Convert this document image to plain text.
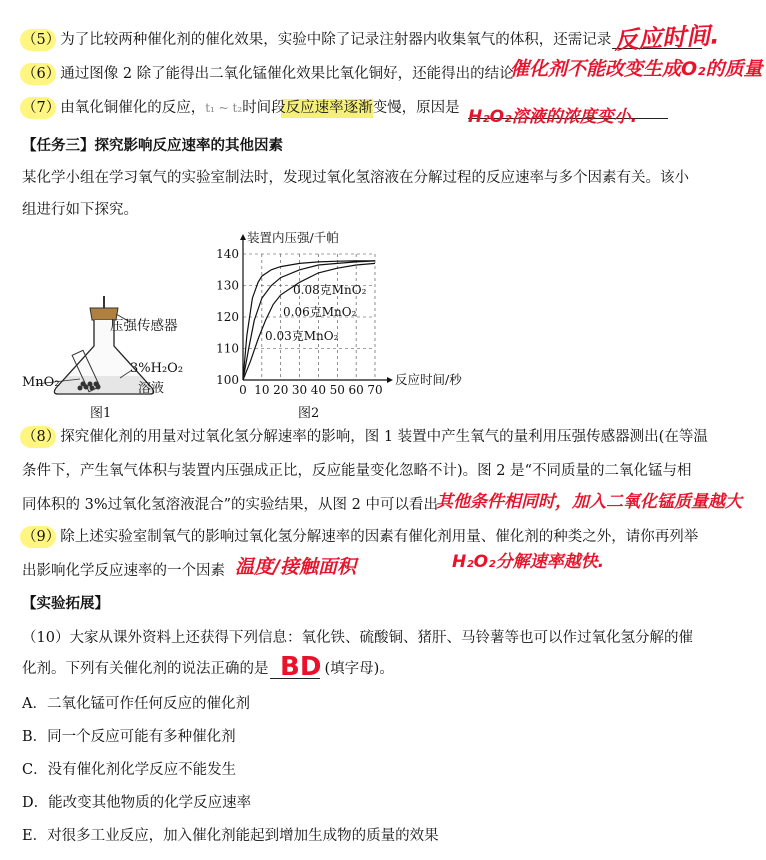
（5）为了比较两种催化剂的催化效果，实验中除了记录注射器内收集氧气的体积，还需记录 反应时间.
（6）通过图像 2 除了能得出二氧化锰催化效果比氧化铜好，还能得出的结论
催化剂不能改变生成O₂的质量
（7）由氧化铜催化的反应，t₁ ~ t₂时间段反应速率逐渐变慢，原因是 H₂O₂溶液的浓度变小.
【任务三】探究影响反应速率的其他因素
某化学小组在学习氧气的实验室制法时，发现过氧化氢溶液在分解过程的反应速率与多个因素有关。该小
组进行如下探究。
压强传感器
3%H₂O₂
溶液
MnO₂
图1
0 10 20 30 40 50 60 70
100
110
120
130
140
装置内压强/千帕
反应时间/秒
0.08克MnO₂
0.06克MnO₂
0.03克MnO₂
图2
（8）探究催化剂的用量对过氧化氢分解速率的影响，图 1 装置中产生氧气的量利用压强传感器测出(在等温
条件下，产生氧气体积与装置内压强成正比，反应能量变化忽略不计)。图 2 是“不同质量的二氧化锰与相
同体积的 3%过氧化氢溶液混合”的实验结果，从图 2 中可以看出
其他条件相同时，加入二氧化锰质量越大
（9）除上述实验室制氧气的影响过氧化氢分解速率的因素有催化剂用量、催化剂的种类之外，请你再列举
H₂O₂分解速率越快.
出影响化学反应速率的一个因素 温度/接触面积
【实验拓展】
（10）大家从课外资料上还获得下列信息：氧化铁、硫酸铜、猪肝、马铃薯等也可以作过氧化氢分解的催
化剂。下列有关催化剂的说法正确的是	(填字母)。
BD
A．二氧化锰可作任何反应的催化剂
B．同一个反应可能有多种催化剂
C．没有催化剂化学反应不能发生
D．能改变其他物质的化学反应速率
E．对很多工业反应，加入催化剂能起到增加生成物的质量的效果
